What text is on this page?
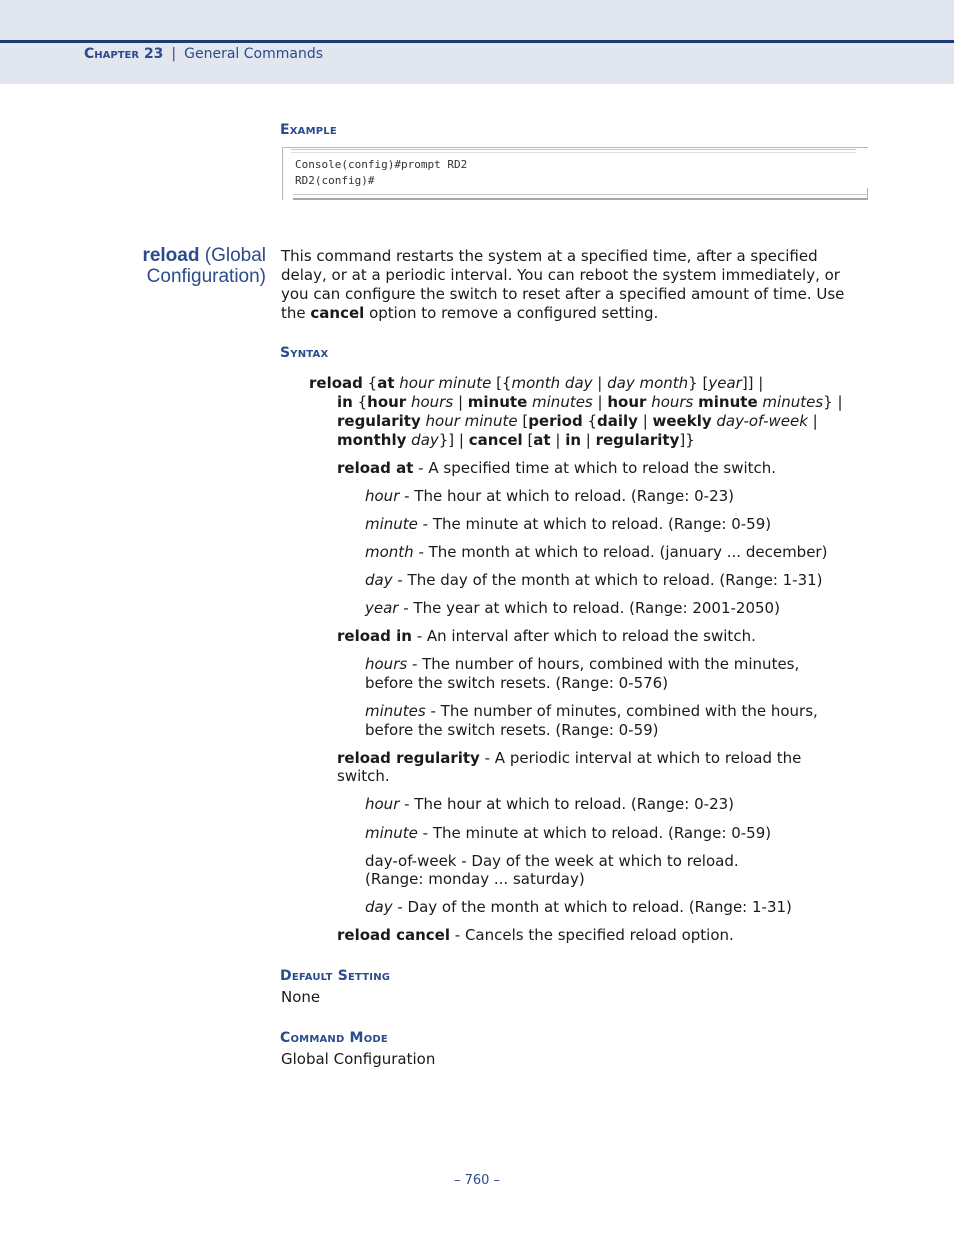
Chapter 23 | General Commands
Example
Console(config)#prompt RD2
RD2(config)#
reload (Global
Configuration)
This command restarts the system at a specified time, after a specified
delay, or at a periodic interval. You can reboot the system immediately, or
you can configure the switch to reset after a specified amount of time. Use
the cancel option to remove a configured setting.
Syntax
reload {at hour minute [{month day | day month} [year]] |
in {hour hours | minute minutes | hour hours minute minutes} |
regularity hour minute [period {daily | weekly day-of-week |
monthly day}] | cancel [at | in | regularity]}
reload at - A specified time at which to reload the switch.
hour - The hour at which to reload. (Range: 0-23)
minute - The minute at which to reload. (Range: 0-59)
month - The month at which to reload. (january ... december)
day - The day of the month at which to reload. (Range: 1-31)
year - The year at which to reload. (Range: 2001-2050)
reload in - An interval after which to reload the switch.
hours - The number of hours, combined with the minutes,
before the switch resets. (Range: 0-576)
minutes - The number of minutes, combined with the hours,
before the switch resets. (Range: 0-59)
reload regularity - A periodic interval at which to reload the
switch.
hour - The hour at which to reload. (Range: 0-23)
minute - The minute at which to reload. (Range: 0-59)
day-of-week - Day of the week at which to reload.
(Range: monday ... saturday)
day - Day of the month at which to reload. (Range: 1-31)
reload cancel - Cancels the specified reload option.
Default Setting
None
Command Mode
Global Configuration
– 760 –
